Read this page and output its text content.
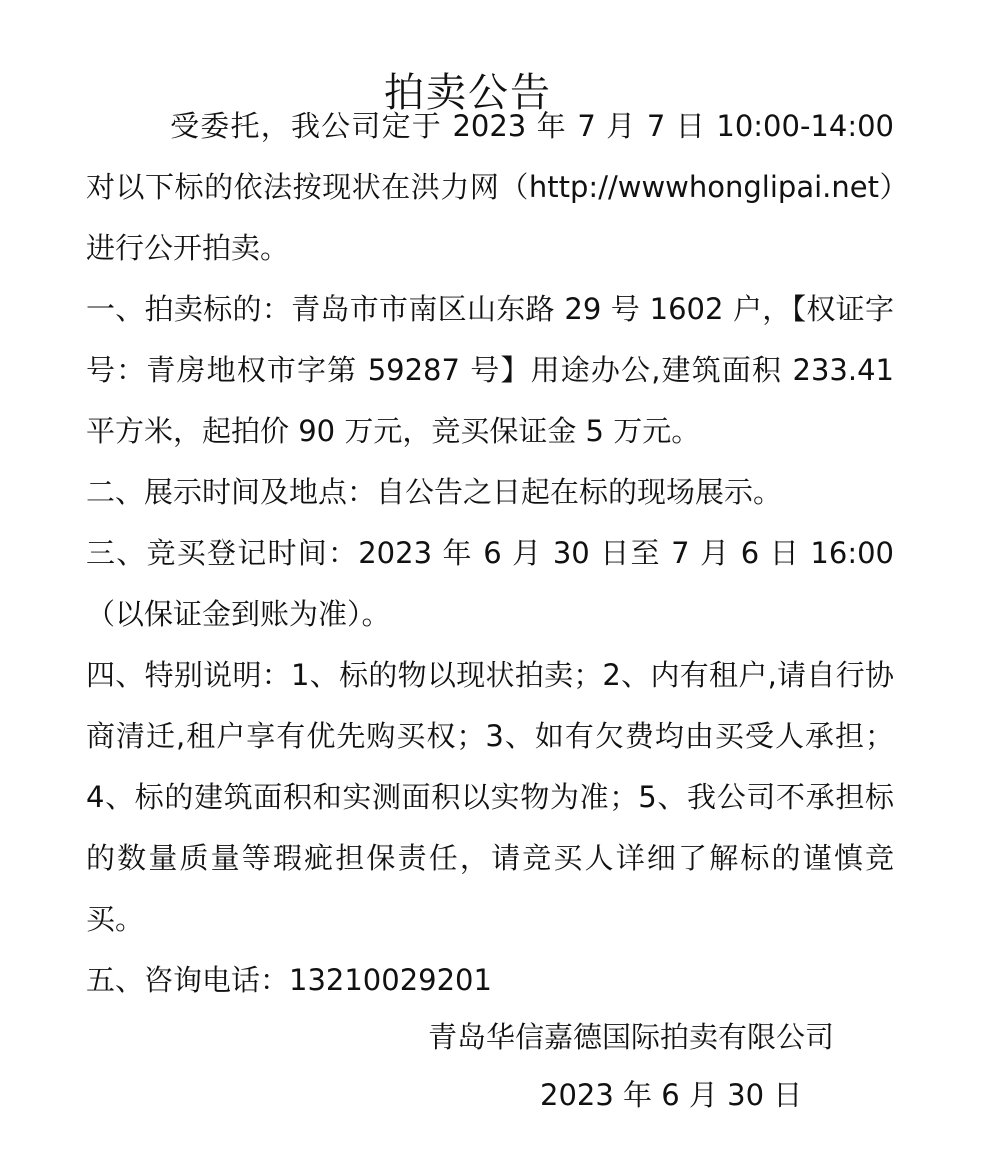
拍卖公告

受委托，我公司定于 2023 年 7 月 7 日 10:00-14:00 对以下标的依法按现状在洪力网（http://wwwhonglipai.net）进行公开拍卖。

一、拍卖标的：青岛市市南区山东路 29 号 1602 户，【权证字号：青房地权市字第 59287 号】用途办公,建筑面积 233.41 平方米，起拍价 90 万元，竞买保证金 5 万元。

二、展示时间及地点：自公告之日起在标的现场展示。

三、竞买登记时间：2023 年 6 月 30 日至 7 月 6 日 16:00（以保证金到账为准）。

四、特别说明：1、标的物以现状拍卖；2、内有租户,请自行协商清迁,租户享有优先购买权；3、如有欠费均由买受人承担；4、标的建筑面积和实测面积以实物为准；5、我公司不承担标的数量质量等瑕疵担保责任，请竞买人详细了解标的谨慎竞买。

五、咨询电话：13210029201

青岛华信嘉德国际拍卖有限公司
2023 年 6 月 30 日
